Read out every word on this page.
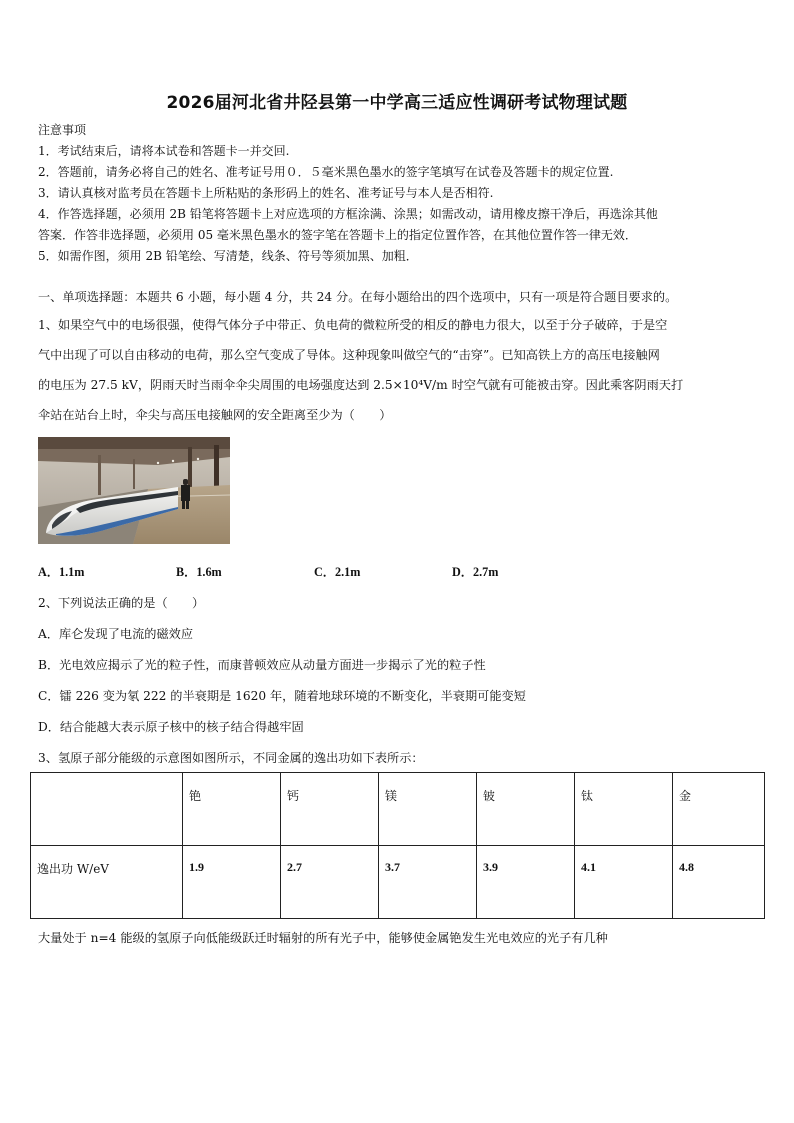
2026届河北省井陉县第一中学高三适应性调研考试物理试题
注意事项
1．考试结束后，请将本试卷和答题卡一并交回.
2．答题前，请务必将自己的姓名、准考证号用０．５毫米黑色墨水的签字笔填写在试卷及答题卡的规定位置.
3．请认真核对监考员在答题卡上所粘贴的条形码上的姓名、准考证号与本人是否相符.
4．作答选择题，必须用 2B 铅笔将答题卡上对应选项的方框涂满、涂黑；如需改动，请用橡皮擦干净后，再选涂其他
答案．作答非选择题，必须用 05 毫米黑色墨水的签字笔在答题卡上的指定位置作答，在其他位置作答一律无效．
5．如需作图，须用 2B 铅笔绘、写清楚，线条、符号等须加黑、加粗．
一、单项选择题：本题共 6 小题，每小题 4 分，共 24 分。在每小题给出的四个选项中，只有一项是符合题目要求的。
1、如果空气中的电场很强，使得气体分子中带正、负电荷的微粒所受的相反的静电力很大，以至于分子破碎，于是空
气中出现了可以自由移动的电荷，那么空气变成了导体。这种现象叫做空气的“击穿”。已知高铁上方的高压电接触网
的电压为 27.5 kV，阴雨天时当雨伞伞尖周围的电场强度达到 2.5×10⁴V/m 时空气就有可能被击穿。因此乘客阴雨天打
伞站在站台上时，伞尖与高压电接触网的安全距离至少为（　　）
A．1.1m	B．1.6m	C．2.1m	D．2.7m
2、下列说法正确的是（　　）
A．库仑发现了电流的磁效应
B．光电效应揭示了光的粒子性，而康普顿效应从动量方面进一步揭示了光的粒子性
C．镭 226 变为氡 222 的半衰期是 1620 年，随着地球环境的不断变化，半衰期可能变短
D．结合能越大表示原子核中的核子结合得越牢固
3、氢原子部分能级的示意图如图所示，不同金属的逸出功如下表所示：
	铯	钙	镁	铍	钛	金
逸出功 W/eV	1.9	2.7	3.7	3.9	4.1	4.8
大量处于 n=4 能级的氢原子向低能级跃迁时辐射的所有光子中，能够使金属铯发生光电效应的光子有几种
